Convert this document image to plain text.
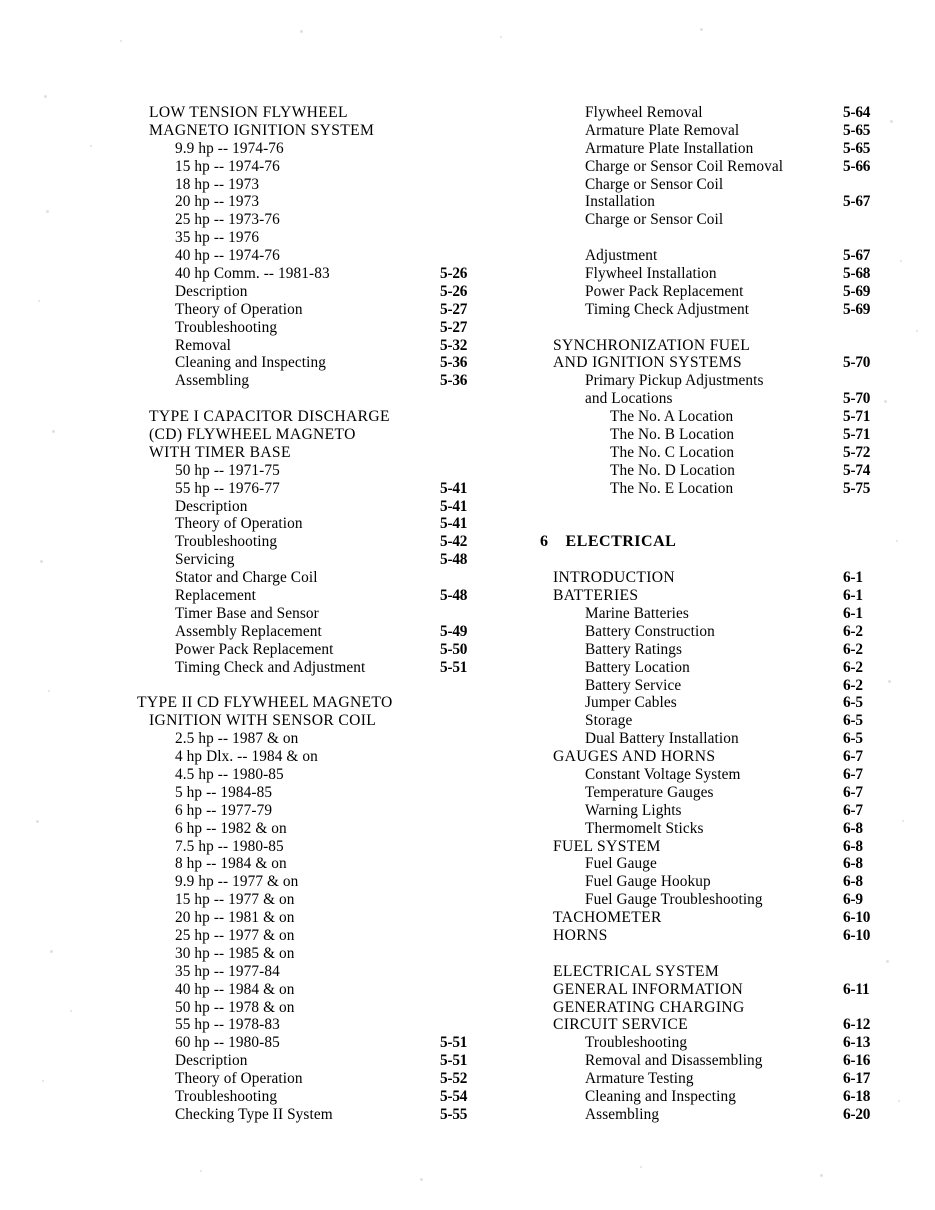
LOW TENSION FLYWHEEL
MAGNETO IGNITION SYSTEM
9.9 hp -- 1974-76
15 hp -- 1974-76
18 hp -- 1973
20 hp -- 1973
25 hp -- 1973-76
35 hp -- 1976
40 hp -- 1974-76
40 hp Comm. -- 1981-83	5-26
Description	5-26
Theory of Operation	5-27
Troubleshooting	5-27
Removal	5-32
Cleaning and Inspecting	5-36
Assembling	5-36
TYPE I CAPACITOR DISCHARGE
(CD) FLYWHEEL MAGNETO
WITH TIMER BASE
50 hp -- 1971-75
55 hp -- 1976-77	5-41
Description	5-41
Theory of Operation	5-41
Troubleshooting	5-42
Servicing	5-48
Stator and Charge Coil
Replacement	5-48
Timer Base and Sensor
Assembly Replacement	5-49
Power Pack Replacement	5-50
Timing Check and Adjustment	5-51
TYPE II CD FLYWHEEL MAGNETO
IGNITION WITH SENSOR COIL
2.5 hp -- 1987 & on
4 hp Dlx. -- 1984 & on
4.5 hp -- 1980-85
5 hp -- 1984-85
6 hp -- 1977-79
6 hp -- 1982 & on
7.5 hp -- 1980-85
8 hp -- 1984 & on
9.9 hp -- 1977 & on
15 hp -- 1977 & on
20 hp -- 1981 & on
25 hp -- 1977 & on
30 hp -- 1985 & on
35 hp -- 1977-84
40 hp -- 1984 & on
50 hp -- 1978 & on
55 hp -- 1978-83
60 hp -- 1980-85	5-51
Description	5-51
Theory of Operation	5-52
Troubleshooting	5-54
Checking Type II System	5-55
Flywheel Removal	5-64
Armature Plate Removal	5-65
Armature Plate Installation	5-65
Charge or Sensor Coil Removal	5-66
Charge or Sensor Coil
Installation	5-67
Charge or Sensor Coil
Adjustment	5-67
Flywheel Installation	5-68
Power Pack Replacement	5-69
Timing Check Adjustment	5-69
SYNCHRONIZATION FUEL
AND IGNITION SYSTEMS	5-70
Primary Pickup Adjustments
and Locations	5-70
The No. A Location	5-71
The No. B Location	5-71
The No. C Location	5-72
The No. D Location	5-74
The No. E Location	5-75
6 ELECTRICAL
INTRODUCTION	6-1
BATTERIES	6-1
Marine Batteries	6-1
Battery Construction	6-2
Battery Ratings	6-2
Battery Location	6-2
Battery Service	6-2
Jumper Cables	6-5
Storage	6-5
Dual Battery Installation	6-5
GAUGES AND HORNS	6-7
Constant Voltage System	6-7
Temperature Gauges	6-7
Warning Lights	6-7
Thermomelt Sticks	6-8
FUEL SYSTEM	6-8
Fuel Gauge	6-8
Fuel Gauge Hookup	6-8
Fuel Gauge Troubleshooting	6-9
TACHOMETER	6-10
HORNS	6-10
ELECTRICAL SYSTEM
GENERAL INFORMATION	6-11
GENERATING CHARGING
CIRCUIT SERVICE	6-12
Troubleshooting	6-13
Removal and Disassembling	6-16
Armature Testing	6-17
Cleaning and Inspecting	6-18
Assembling	6-20
